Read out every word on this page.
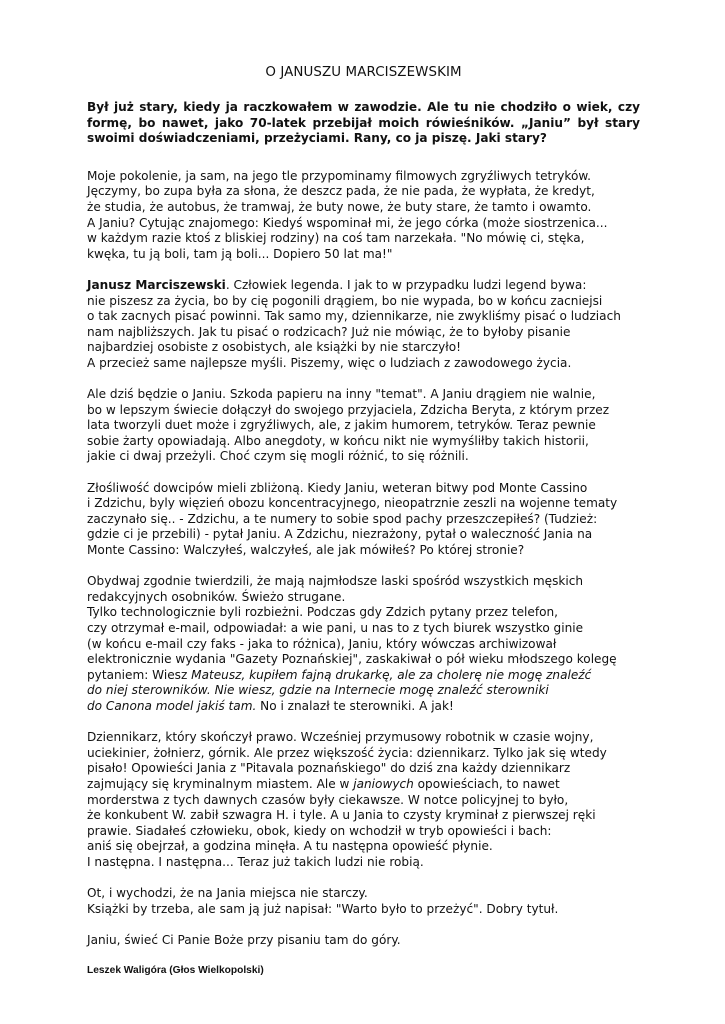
O JANUSZU MARCISZEWSKIM
Był już stary, kiedy ja raczkowałem w zawodzie. Ale tu nie chodziło o wiek, czy formę, bo nawet, jako 70-latek przebijał moich rówieśników. „Janiu” był stary swoimi doświadczeniami, przeżyciami. Rany, co ja piszę. Jaki stary?
Moje pokolenie, ja sam, na jego tle przypominamy filmowych zgryźliwych tetryków.
Jęczymy, bo zupa była za słona, że deszcz pada, że nie pada, że wypłata, że kredyt,
że studia, że autobus, że tramwaj, że buty nowe, że buty stare, że tamto i owamto.
A Janiu? Cytując znajomego: Kiedyś wspominał mi, że jego córka (może siostrzenica...
w każdym razie ktoś z bliskiej rodziny) na coś tam narzekała. "No mówię ci, stęka,
kwęka, tu ją boli, tam ją boli... Dopiero 50 lat ma!"
Janusz Marciszewski. Człowiek legenda. I jak to w przypadku ludzi legend bywa:
nie piszesz za życia, bo by cię pogonili drągiem, bo nie wypada, bo w końcu zacniejsi
o tak zacnych pisać powinni. Tak samo my, dziennikarze, nie zwykliśmy pisać o ludziach
nam najbliższych. Jak tu pisać o rodzicach? Już nie mówiąc, że to byłoby pisanie
najbardziej osobiste z osobistych, ale książki by nie starczyło!
A przecież same najlepsze myśli. Piszemy, więc o ludziach z zawodowego życia.
Ale dziś będzie o Janiu. Szkoda papieru na inny "temat". A Janiu drągiem nie walnie,
bo w lepszym świecie dołączył do swojego przyjaciela, Zdzicha Beryta, z którym przez
lata tworzyli duet może i zgryźliwych, ale, z jakim humorem, tetryków. Teraz pewnie
sobie żarty opowiadają. Albo anegdoty, w końcu nikt nie wymyśliłby takich historii,
jakie ci dwaj przeżyli. Choć czym się mogli różnić, to się różnili.
Złośliwość dowcipów mieli zbliżoną. Kiedy Janiu, weteran bitwy pod Monte Cassino
i Zdzichu, byly więzień obozu koncentracyjnego, nieopatrznie zeszli na wojenne tematy
zaczynało się.. - Zdzichu, a te numery to sobie spod pachy przeszczepiłeś? (Tudzież:
gdzie ci je przebili) - pytał Janiu. A Zdzichu, niezrażony, pytał o waleczność Jania na
Monte Cassino: Walczyłeś, walczyłeś, ale jak mówiłeś? Po której stronie?
Obydwaj zgodnie twierdzili, że mają najmłodsze laski spośród wszystkich męskich
redakcyjnych osobników. Świeżo strugane.
Tylko technologicznie byli rozbieżni. Podczas gdy Zdzich pytany przez telefon,
czy otrzymał e-mail, odpowiadał: a wie pani, u nas to z tych biurek wszystko ginie
(w końcu e-mail czy faks - jaka to różnica), Janiu, który wówczas archiwizował
elektronicznie wydania "Gazety Poznańskiej", zaskakiwał o pół wieku młodszego kolegę
pytaniem: Wiesz Mateusz, kupiłem fajną drukarkę, ale za cholerę nie mogę znaleźć
do niej sterowników. Nie wiesz, gdzie na Internecie mogę znaleźć sterowniki
do Canona model jakiś tam. No i znalazł te sterowniki. A jak!
Dziennikarz, który skończył prawo. Wcześniej przymusowy robotnik w czasie wojny,
uciekinier, żołnierz, górnik. Ale przez większość życia: dziennikarz. Tylko jak się wtedy
pisało! Opowieści Jania z "Pitavala poznańskiego" do dziś zna każdy dziennikarz
zajmujący się kryminalnym miastem. Ale w janiowych opowieściach, to nawet
morderstwa z tych dawnych czasów były ciekawsze. W notce policyjnej to było,
że konkubent W. zabił szwagra H. i tyle. A u Jania to czysty kryminał z pierwszej ręki
prawie. Siadałeś człowieku, obok, kiedy on wchodził w tryb opowieści i bach:
aniś się obejrzał, a godzina minęła. A tu następna opowieść płynie.
I następna. I następna... Teraz już takich ludzi nie robią.
Ot, i wychodzi, że na Jania miejsca nie starczy.
Książki by trzeba, ale sam ją już napisał: "Warto było to przeżyć". Dobry tytuł.
Janiu, świeć Ci Panie Boże przy pisaniu tam do góry.
Leszek Waligóra (Głos Wielkopolski)
